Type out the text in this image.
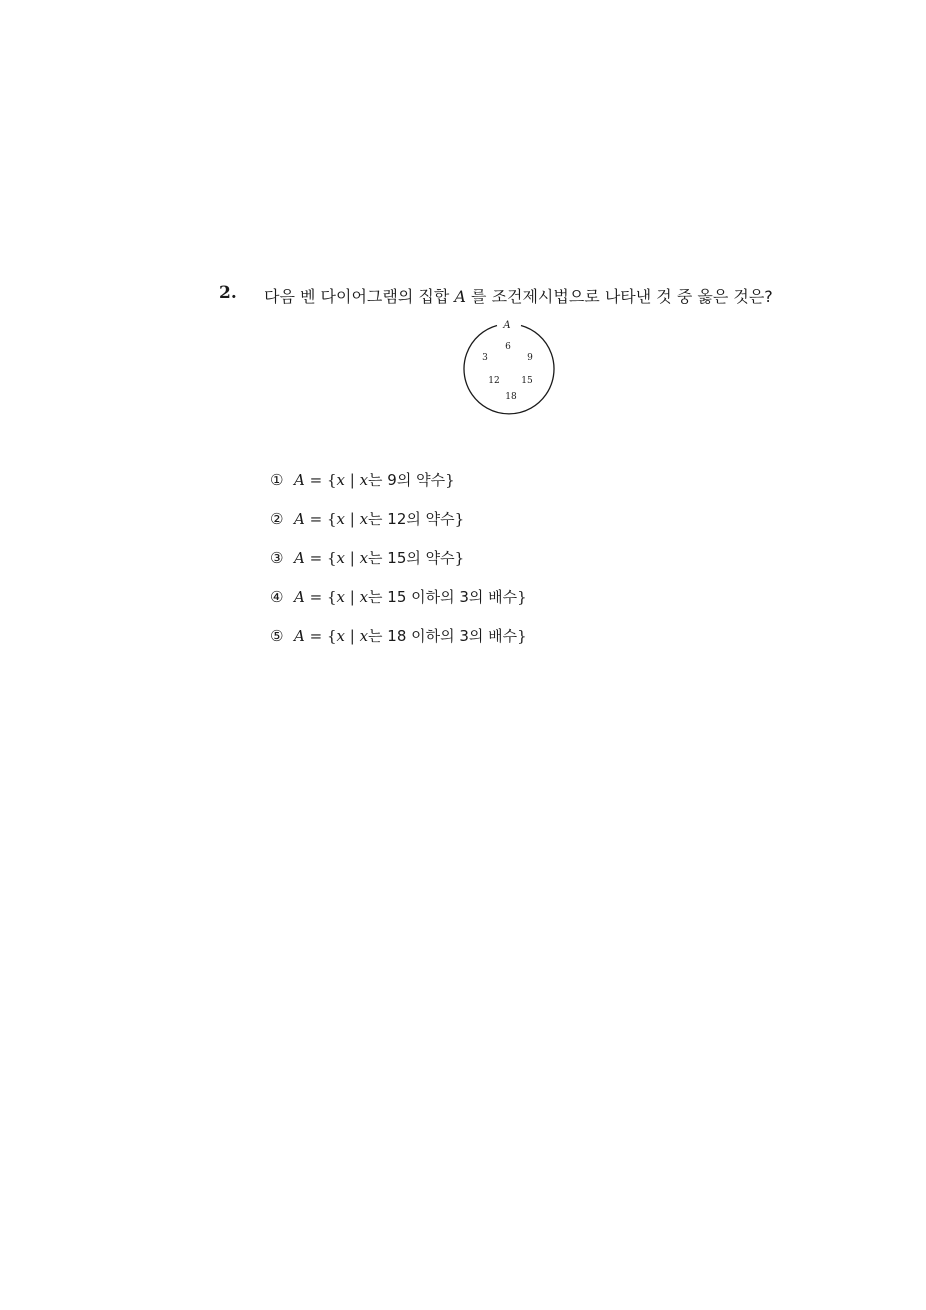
2. 다음 벤 다이어그램의 집합 A 를 조건제시법으로 나타낸 것 중 옳은 것은?
A
6
3	9
12 15
18
① A = {x | x는 9의 약수}
② A = {x | x는 12의 약수}
③ A = {x | x는 15의 약수}
④ A = {x | x는 15 이하의 3의 배수}
⑤ A = {x | x는 18 이하의 3의 배수}
